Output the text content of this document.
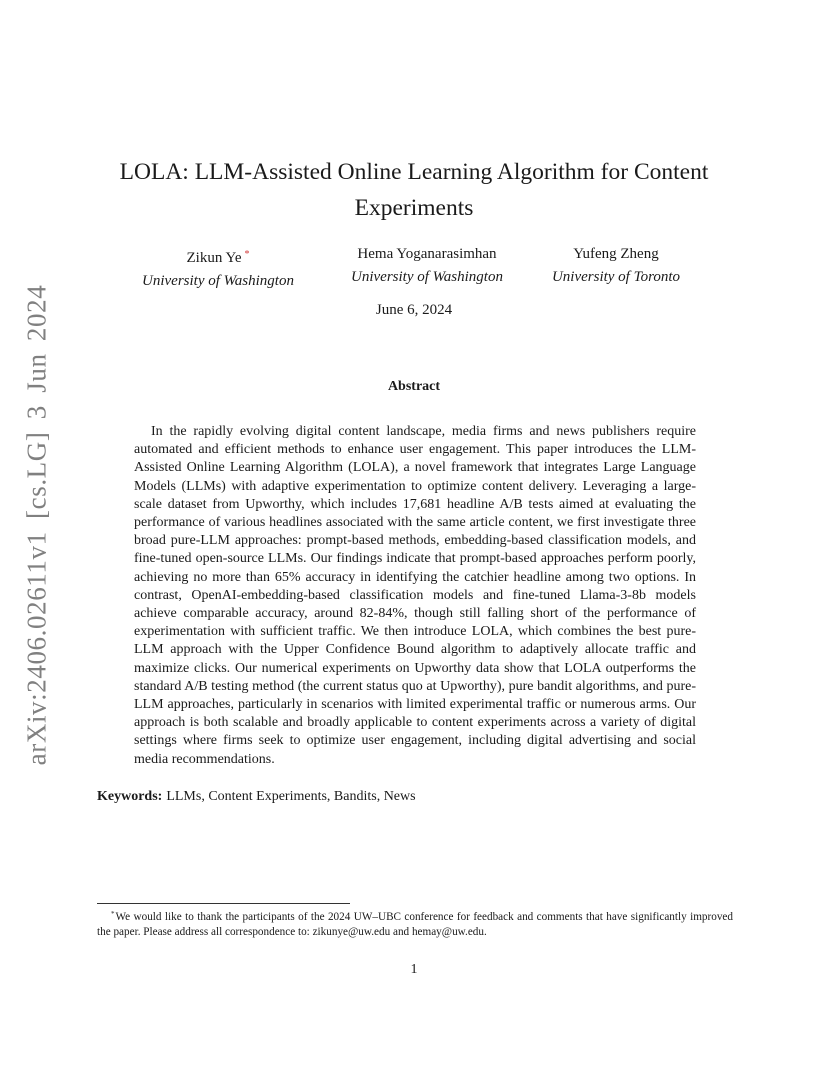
arXiv:2406.02611v1 [cs.LG] 3 Jun 2024
LOLA: LLM-Assisted Online Learning Algorithm for Content Experiments
Zikun Ye *
University of Washington
Hema Yoganarasimhan
University of Washington
Yufeng Zheng
University of Toronto
June 6, 2024
Abstract

In the rapidly evolving digital content landscape, media firms and news publishers require automated and efficient methods to enhance user engagement. This paper introduces the LLM-Assisted Online Learning Algorithm (LOLA), a novel framework that integrates Large Language Models (LLMs) with adaptive experimentation to optimize content delivery. Leveraging a large-scale dataset from Upworthy, which includes 17,681 headline A/B tests aimed at evaluating the performance of various headlines associated with the same article content, we first investigate three broad pure-LLM approaches: prompt-based methods, embedding-based classification models, and fine-tuned open-source LLMs. Our findings indicate that prompt-based approaches perform poorly, achieving no more than 65% accuracy in identifying the catchier headline among two options. In contrast, OpenAI-embedding-based classification models and fine-tuned Llama-3-8b models achieve comparable accuracy, around 82-84%, though still falling short of the performance of experimentation with sufficient traffic. We then introduce LOLA, which combines the best pure-LLM approach with the Upper Confidence Bound algorithm to adaptively allocate traffic and maximize clicks. Our numerical experiments on Upworthy data show that LOLA outperforms the standard A/B testing method (the current status quo at Upworthy), pure bandit algorithms, and pure-LLM approaches, particularly in scenarios with limited experimental traffic or numerous arms. Our approach is both scalable and broadly applicable to content experiments across a variety of digital settings where firms seek to optimize user engagement, including digital advertising and social media recommendations.

Keywords: LLMs, Content Experiments, Bandits, News

*We would like to thank the participants of the 2024 UW–UBC conference for feedback and comments that have significantly improved the paper. Please address all correspondence to: zikunye@uw.edu and hemay@uw.edu.

1
